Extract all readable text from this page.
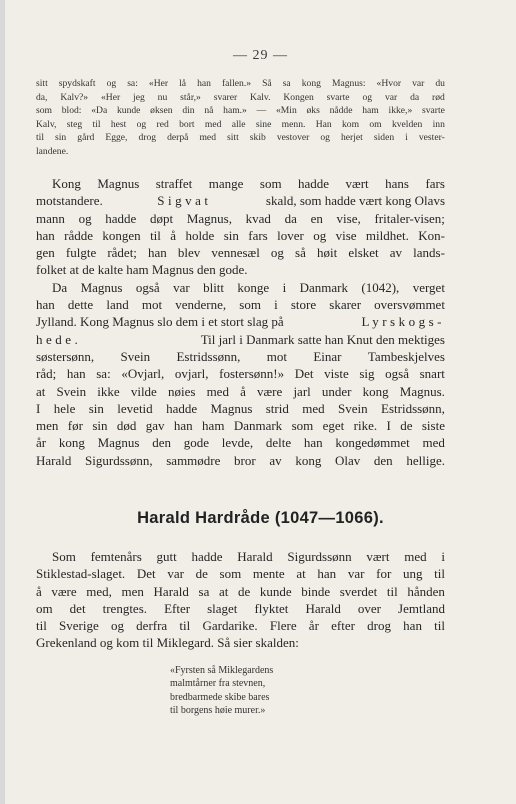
— 29 —
sitt spydskaft og sa: «Her lå han fallen.» Så sa kong Magnus: «Hvor var du
da, Kalv?» «Her jeg nu står,» svarer Kalv. Kongen svarte og var da rød
som blod: «Da kunde øksen din nå ham.» — «Min øks nådde ham ikke,» svarte
Kalv, steg til hest og red bort med alle sine menn. Han kom om kvelden inn
til sin gård Egge, drog derpå med sitt skib vestover og herjet siden i vester-
landene.
Kong Magnus straffet mange som hadde vært hans fars
motstandere.	Sigvat	skald, som hadde vært kong Olavs
mann og hadde døpt Magnus, kvad da en vise, fritaler-visen;
han rådde kongen til å holde sin fars lover og vise mildhet. Kon-
gen fulgte rådet; han blev vennesæl og så høit elsket av lands-
folket at de kalte ham Magnus den gode.
Da Magnus også var blitt konge i Danmark (1042), verget
han dette land mot venderne, som i store skarer oversvømmet
Jylland. Kong Magnus slo dem i et stort slag på	Lyrskogs-
hede.	Til jarl i Danmark satte han Knut den mektiges
søstersønn, Svein Estridssønn, mot Einar Tambeskjelves
råd; han sa: «Ovjarl, ovjarl, fostersønn!» Det viste sig også snart
at Svein ikke vilde nøies med å være jarl under kong Magnus.
I hele sin levetid hadde Magnus strid med Svein Estridssønn,
men før sin død gav han ham Danmark som eget rike. I de siste
år kong Magnus den gode levde, delte han kongedømmet med
Harald Sigurdssønn, sammødre bror av kong Olav den hellige.
Harald Hardråde (1047—1066).
Som femtenårs gutt hadde Harald Sigurdssønn vært med i
Stiklestad-slaget. Det var de som mente at han var for ung til
å være med, men Harald sa at de kunde binde sverdet til hånden
om det trengtes. Efter slaget flyktet Harald over Jemtland
til Sverige og derfra til Gardarike. Flere år efter drog han til
Grekenland og kom til Miklegard. Så sier skalden:
«Fyrsten så Miklegardens
malmtårner fra stevnen,
bredbarmede skibe bares
til borgens høie murer.»
